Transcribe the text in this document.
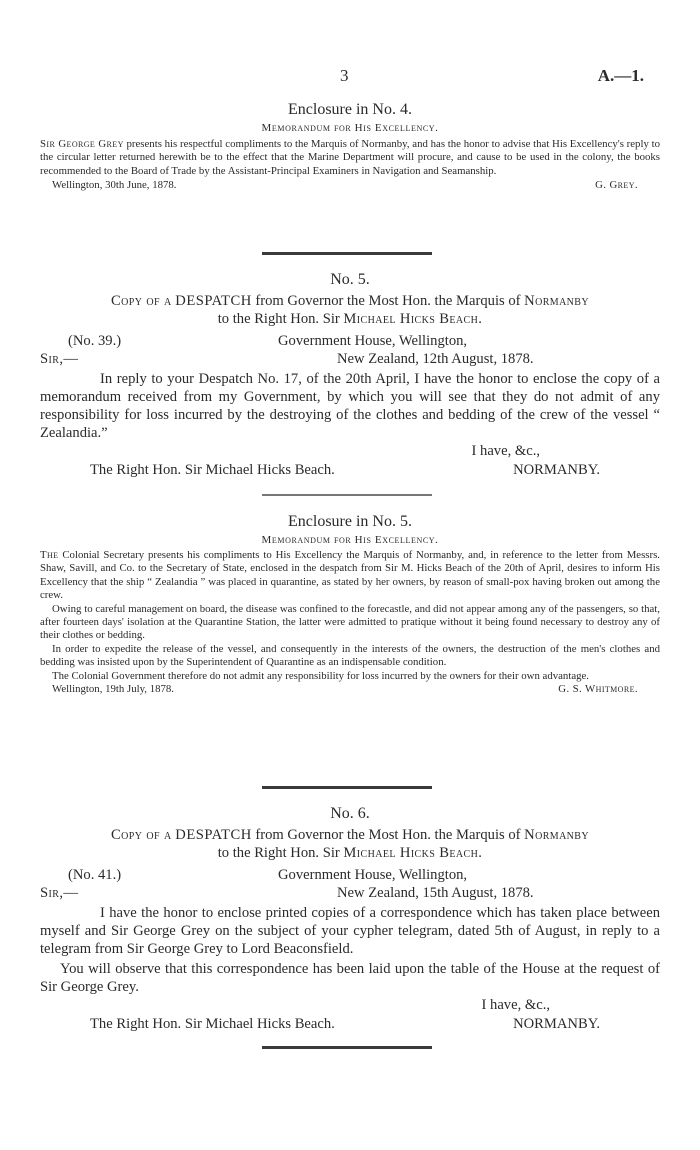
3	A.—1.
Enclosure in No. 4.
Memorandum for His Excellency.

Sir George Grey presents his respectful compliments to the Marquis of Normanby, and has the honor to advise that His Excellency's reply to the circular letter returned herewith be to the effect that the Marine Department will procure, and cause to be used in the colony, the books recommended to the Board of Trade by the Assistant-Principal Examiners in Navigation and Seamanship.

Wellington, 30th June, 1878.	G. Grey.
No. 5.
Copy of a DESPATCH from Governor the Most Hon. the Marquis of Normanby
to the Right Hon. Sir Michael Hicks Beach.
(No. 39.)	Government House, Wellington,
Sir,—	New Zealand, 12th August, 1878.

In reply to your Despatch No. 17, of the 20th April, I have the honor to enclose the copy of a memorandum received from my Government, by which you will see that they do not admit of any responsibility for loss incurred by the destroying of the clothes and bedding of the crew of the vessel “ Zealandia.”

I have, &c.,
The Right Hon. Sir Michael Hicks Beach.	NORMANBY.
Enclosure in No. 5.
Memorandum for His Excellency.

The Colonial Secretary presents his compliments to His Excellency the Marquis of Normanby, and, in reference to the letter from Messrs. Shaw, Savill, and Co. to the Secretary of State, enclosed in the despatch from Sir M. Hicks Beach of the 20th of April, desires to inform His Excellency that the ship “ Zealandia ” was placed in quarantine, as stated by her owners, by reason of small-pox having broken out among the crew.

Owing to careful management on board, the disease was confined to the forecastle, and did not appear among any of the passengers, so that, after fourteen days' isolation at the Quarantine Station, the latter were admitted to pratique without it being found necessary to destroy any of their clothes or bedding.

In order to expedite the release of the vessel, and consequently in the interests of the owners, the destruction of the men's clothes and bedding was insisted upon by the Superintendent of Quarantine as an indispensable condition.

The Colonial Government therefore do not admit any responsibility for loss incurred by the owners for their own advantage.

Wellington, 19th July, 1878.	G. S. Whitmore.
No. 6.
Copy of a DESPATCH from Governor the Most Hon. the Marquis of Normanby
to the Right Hon. Sir Michael Hicks Beach.
(No. 41.)	Government House, Wellington,
Sir,—	New Zealand, 15th August, 1878.

I have the honor to enclose printed copies of a correspondence which has taken place between myself and Sir George Grey on the subject of your cypher telegram, dated 5th of August, in reply to a telegram from Sir George Grey to Lord Beaconsfield.

You will observe that this correspondence has been laid upon the table of the House at the request of Sir George Grey.

I have, &c.,
The Right Hon. Sir Michael Hicks Beach.	NORMANBY.
